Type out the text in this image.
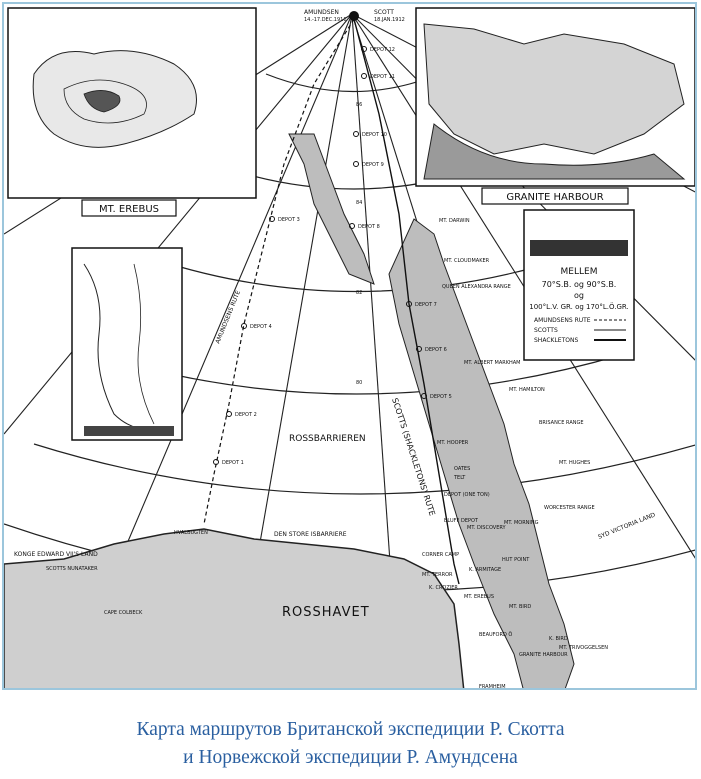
AMUNDSEN
14.-17.DEC.1911
SCOTT
18.JAN.1912
MT. EREBUS
GRANITE HARBOUR
MELLEM
70°S.B. og 90°S.B.
og
100°L.V. GR. og 170°L.Ö.GR.
AMUNDSENS RUTE
SCOTTS
SHACKLETONS
ROSSHAVET
ROSSBARRIEREN
DEN STORE ISBARRIERE
SCOTTS (SHACKLETONS) RUTE
AMUNDSENS RUTE
MT. DARWIN
MT. CLOUDMAKER
QUEEN ALEXANDRA RANGE
MT. ALBERT MARKHAM
MT. HAMILTON
BRISANCE RANGE
MT. HUGHES
MT. HOOPER
OATES
TELT
DEPOT (ONE TON)
BLUFF DEPOT
MT. DISCOVERY
MT. MORNING
WORCESTER RANGE
SYD VICTORIA LAND
CORNER CAMP
K. ARMITAGE
HUT POINT
MT. TERROR
K. CROZIER
MT. EREBUS
MT. BIRD
BEAUFORD Ö
K. BIRD
MT. TRIVOGGELSEN
GRANITE HARBOUR
FRAMHEIM
HVALBUGTEN
KONGE EDWARD VII'S LAND
SCOTTS NUNATAKER
CAPE COLBECK
DEPOT 12
DEPOT 11
DEPOT 10
DEPOT 9
DEPOT 8
DEPOT 7
DEPOT 6
DEPOT 5
DEPOT 3
DEPOT 4
DEPOT 2
DEPOT 1
86
84
82
80
Карта маршрутов Британской экспедиции Р. Скотта
и Норвежской экспедиции Р. Амундсена
